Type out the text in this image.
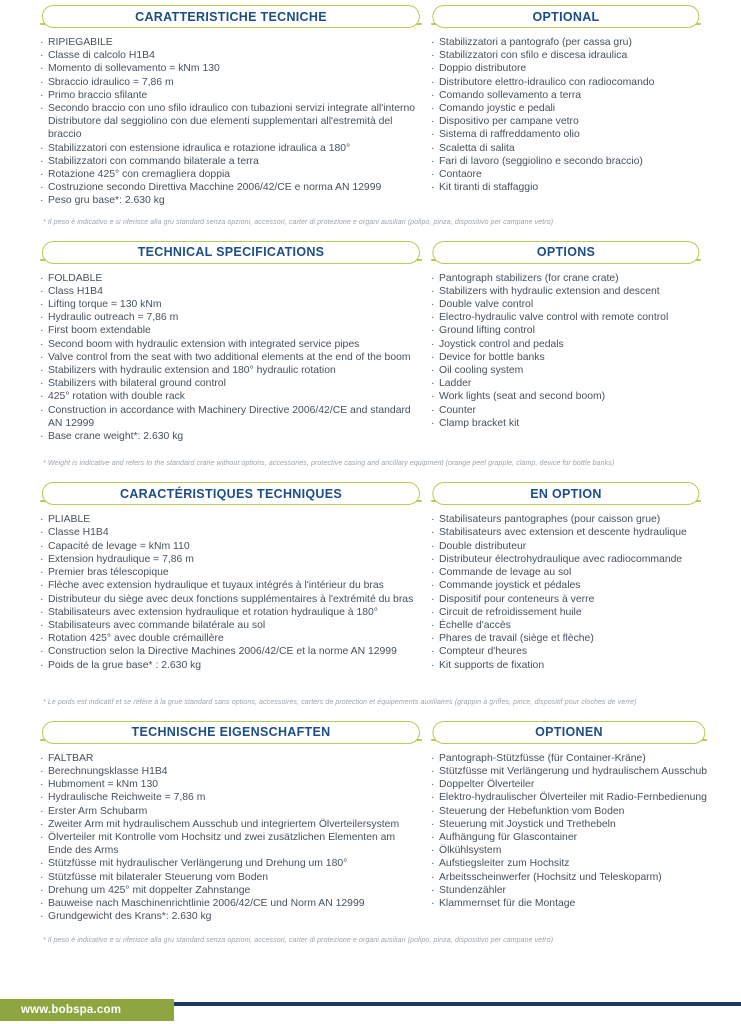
CARATTERISTICHE TECNICHE
· RIPIEGABILE
· Classe di calcolo H1B4
· Momento di sollevamento = kNm 130
· Sbraccio idraulico = 7,86 m
· Primo braccio sfilante
· Secondo braccio con uno sfilo idraulico con tubazioni servizi integrate all'interno
Distributore dal seggiolino con due elementi supplementari all'estremità del braccio
· Stabilizzatori con estensione idraulica e rotazione idraulica a 180°
· Stabilizzatori con commando bilaterale a terra
· Rotazione 425° con cremagliera doppia
· Costruzione secondo Direttiva Macchine 2006/42/CE e norma AN 12999
· Peso gru base*: 2.630 kg
OPTIONAL
· Stabilizzatori a pantografo (per cassa gru)
· Stabilizzatori con sfilo e discesa idraulica
· Doppio distributore
· Distributore elettro-idraulico con radiocomando
· Comando sollevamento a terra
· Comando joystic e pedali
· Dispositivo per campane vetro
· Sistema di raffreddamento olio
· Scaletta di salita
· Fari di lavoro (seggiolino e secondo braccio)
· Contaore
· Kit tiranti di staffaggio

* Il peso è indicativo e si riferisce alla gru standard senza opzioni, accessori, carter di protezione e organi ausiliari (polipo, pinza, dispositivo per campane vetro)

TECHNICAL SPECIFICATIONS
· FOLDABLE
· Class H1B4
· Lifting torque = 130 kNm
· Hydraulic outreach = 7,86 m
· First boom extendable
· Second boom with hydraulic extension with integrated service pipes
· Valve control from the seat with two additional elements at the end of the boom
· Stabilizers with hydraulic extension and 180° hydraulic rotation
· Stabilizers with bilateral ground control
· 425° rotation with double rack
· Construction in accordance with Machinery Directive 2006/42/CE and standard AN 12999
· Base crane weight*: 2.630 kg
OPTIONS
· Pantograph stabilizers (for crane crate)
· Stabilizers with hydraulic extension and descent
· Double valve control
· Electro-hydraulic valve control with remote control
· Ground lifting control
· Joystick control and pedals
· Device for bottle banks
· Oil cooling system
· Ladder
· Work lights (seat and second boom)
· Counter
· Clamp bracket kit

* Weight is indicative and refers to the standard crane without options, accessories, protective casing and ancillary equipment (orange peel grapple, clamp, device for bottle banks)

CARACTÉRISTIQUES TECHNIQUES
· PLIABLE
· Classe H1B4
· Capacité de levage = kNm 110
· Extension hydraulique = 7,86 m
· Premier bras télescopique
· Flèche avec extension hydraulique et tuyaux intégrés à l'intérieur du bras
· Distributeur du siège avec deux fonctions supplémentaires à l'extrémité du bras
· Stabilisateurs avec extension hydraulique et rotation hydraulique à 180°
· Stabilisateurs avec commande bilatérale au sol
· Rotation 425° avec double crémaillère
· Construction selon la Directive Machines 2006/42/CE et la norme AN 12999
· Poids de la grue base* : 2.630 kg
EN OPTION
· Stabilisateurs pantographes (pour caisson grue)
· Stabilisateurs avec extension et descente hydraulique
· Double distributeur
· Distributeur électrohydraulique avec radiocommande
· Commande de levage au sol
· Commande joystick et pédales
· Dispositif pour conteneurs à verre
· Circuit de refroidissement huile
· Échelle d'accès
· Phares de travail (siège et flèche)
· Compteur d'heures
· Kit supports de fixation

* Le poids est indicatif et se réfère à la grue standard sans options, accessoires, carters de protection et équipements auxiliaires (grappin à griffes, pince, dispositif pour cloches de verre)

TECHNISCHE EIGENSCHAFTEN
· FALTBAR
· Berechnungsklasse H1B4
· Hubmoment = kNm 130
· Hydraulische Reichweite = 7,86 m
· Erster Arm Schubarm
· Zweiter Arm mit hydraulischem Ausschub und integriertem Ölverteilersystem
· Ölverteiler mit Kontrolle vom Hochsitz und zwei zusätzlichen Elementen am Ende des Arms
· Stützfüsse mit hydraulischer Verlängerung und Drehung um 180°
· Stützfüsse mit bilateraler Steuerung vom Boden
· Drehung um 425° mit doppelter Zahnstange
· Bauweise nach Maschinenrichtlinie 2006/42/CE und Norm AN 12999
· Grundgewicht des Krans*: 2.630 kg
OPTIONEN
· Pantograph-Stützfüsse (für Container-Kräne)
· Stützfüsse mit Verlängerung und hydraulischem Ausschub
· Doppelter Ölverteiler
· Elektro-hydraulischer Ölverteiler mit Radio-Fernbedienung
· Steuerung der Hebefunktion vom Boden
· Steuerung mit Joystick und Trethebeln
· Aufhängung für Glascontainer
· Ölkühlsystem
· Aufstiegsleiter zum Hochsitz
· Arbeitsscheinwerfer (Hochsitz und Teleskoparm)
· Stundenzähler
· Klammernset für die Montage

* Il peso è indicativo e si riferisce alla gru standard senza opzioni, accessori, carter di protezione e organi ausiliari (polipo, pinza, dispositivo per campane vetro)

www.bobspa.com
